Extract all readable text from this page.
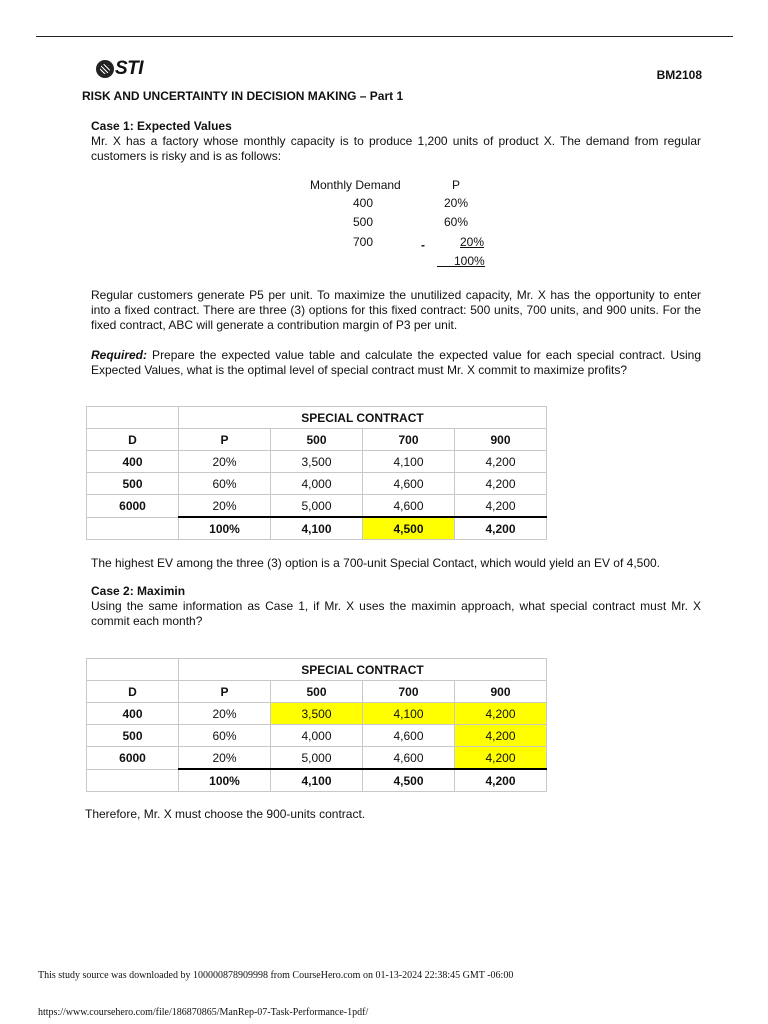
STI	BM2108
RISK AND UNCERTAINTY IN DECISION MAKING – Part 1
Case 1: Expected Values
Mr. X has a factory whose monthly capacity is to produce 1,200 units of product X. The demand from regular customers is risky and is as follows:
Monthly Demand	P
400	20%
500	60%
700	-	20%
100%
Regular customers generate P5 per unit. To maximize the unutilized capacity, Mr. X has the opportunity to enter into a fixed contract. There are three (3) options for this fixed contract: 500 units, 700 units, and 900 units. For the fixed contract, ABC will generate a contribution margin of P3 per unit.
Required: Prepare the expected value table and calculate the expected value for each special contract. Using Expected Values, what is the optimal level of special contract must Mr. X commit to maximize profits?
	SPECIAL CONTRACT			
D	P	500	700	900
400	20%	3,500	4,100	4,200
500	60%	4,000	4,600	4,200
6000	20%	5,000	4,600	4,200
	100%	4,100	4,500	4,200
The highest EV among the three (3) option is a 700-unit Special Contact, which would yield an EV of 4,500.
Case 2: Maximin
Using the same information as Case 1, if Mr. X uses the maximin approach, what special contract must Mr. X commit each month?
	SPECIAL CONTRACT			
D	P	500	700	900
400	20%	3,500	4,100	4,200
500	60%	4,000	4,600	4,200
6000	20%	5,000	4,600	4,200
	100%	4,100	4,500	4,200
Therefore, Mr. X must choose the 900-units contract.
This study source was downloaded by 100000878909998 from CourseHero.com on 01-13-2024 22:38:45 GMT -06:00
https://www.coursehero.com/file/186870865/ManRep-07-Task-Performance-1pdf/
